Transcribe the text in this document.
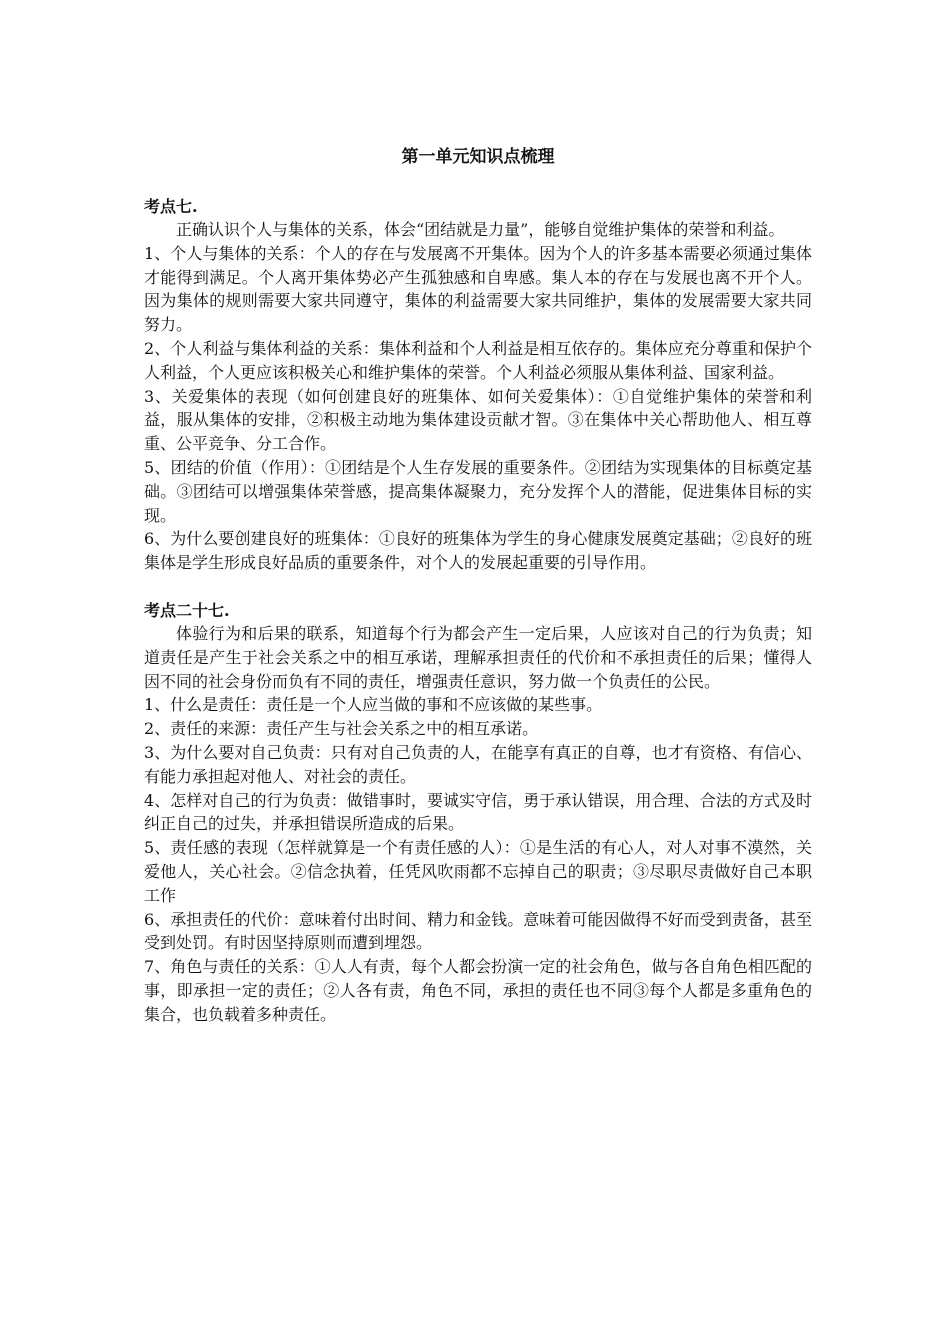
第一单元知识点梳理
考点七.

正确认识个人与集体的关系，体会“团结就是力量”，能够自觉维护集体的荣誉和利益。

1、个人与集体的关系：个人的存在与发展离不开集体。因为个人的许多基本需要必须通过集体才能得到满足。个人离开集体势必产生孤独感和自卑感。集人本的存在与发展也离不开个人。因为集体的规则需要大家共同遵守，集体的利益需要大家共同维护，集体的发展需要大家共同努力。

2、个人利益与集体利益的关系：集体利益和个人利益是相互依存的。集体应充分尊重和保护个人利益，个人更应该积极关心和维护集体的荣誉。个人利益必须服从集体利益、国家利益。

3、关爱集体的表现（如何创建良好的班集体、如何关爱集体）：①自觉维护集体的荣誉和利益，服从集体的安排，②积极主动地为集体建设贡献才智。③在集体中关心帮助他人、相互尊重、公平竞争、分工合作。

5、团结的价值（作用）：①团结是个人生存发展的重要条件。②团结为实现集体的目标奠定基础。③团结可以增强集体荣誉感，提高集体凝聚力，充分发挥个人的潜能，促进集体目标的实现。

6、为什么要创建良好的班集体：①良好的班集体为学生的身心健康发展奠定基础；②良好的班集体是学生形成良好品质的重要条件，对个人的发展起重要的引导作用。

考点二十七.

体验行为和后果的联系，知道每个行为都会产生一定后果，人应该对自己的行为负责；知道责任是产生于社会关系之中的相互承诺，理解承担责任的代价和不承担责任的后果；懂得人因不同的社会身份而负有不同的责任，增强责任意识，努力做一个负责任的公民。

1、什么是责任：责任是一个人应当做的事和不应该做的某些事。

2、责任的来源：责任产生与社会关系之中的相互承诺。

3、为什么要对自己负责：只有对自己负责的人，在能享有真正的自尊，也才有资格、有信心、有能力承担起对他人、对社会的责任。

4、怎样对自己的行为负责：做错事时，要诚实守信，勇于承认错误，用合理、合法的方式及时纠正自己的过失，并承担错误所造成的后果。

5、责任感的表现（怎样就算是一个有责任感的人）：①是生活的有心人，对人对事不漠然，关爱他人，关心社会。②信念执着，任凭风吹雨都不忘掉自己的职责；③尽职尽责做好自己本职工作

6、承担责任的代价：意味着付出时间、精力和金钱。意味着可能因做得不好而受到责备，甚至受到处罚。有时因坚持原则而遭到埋怨。

7、角色与责任的关系：①人人有责，每个人都会扮演一定的社会角色，做与各自角色相匹配的事，即承担一定的责任；②人各有责，角色不同，承担的责任也不同③每个人都是多重角色的集合，也负载着多种责任。
